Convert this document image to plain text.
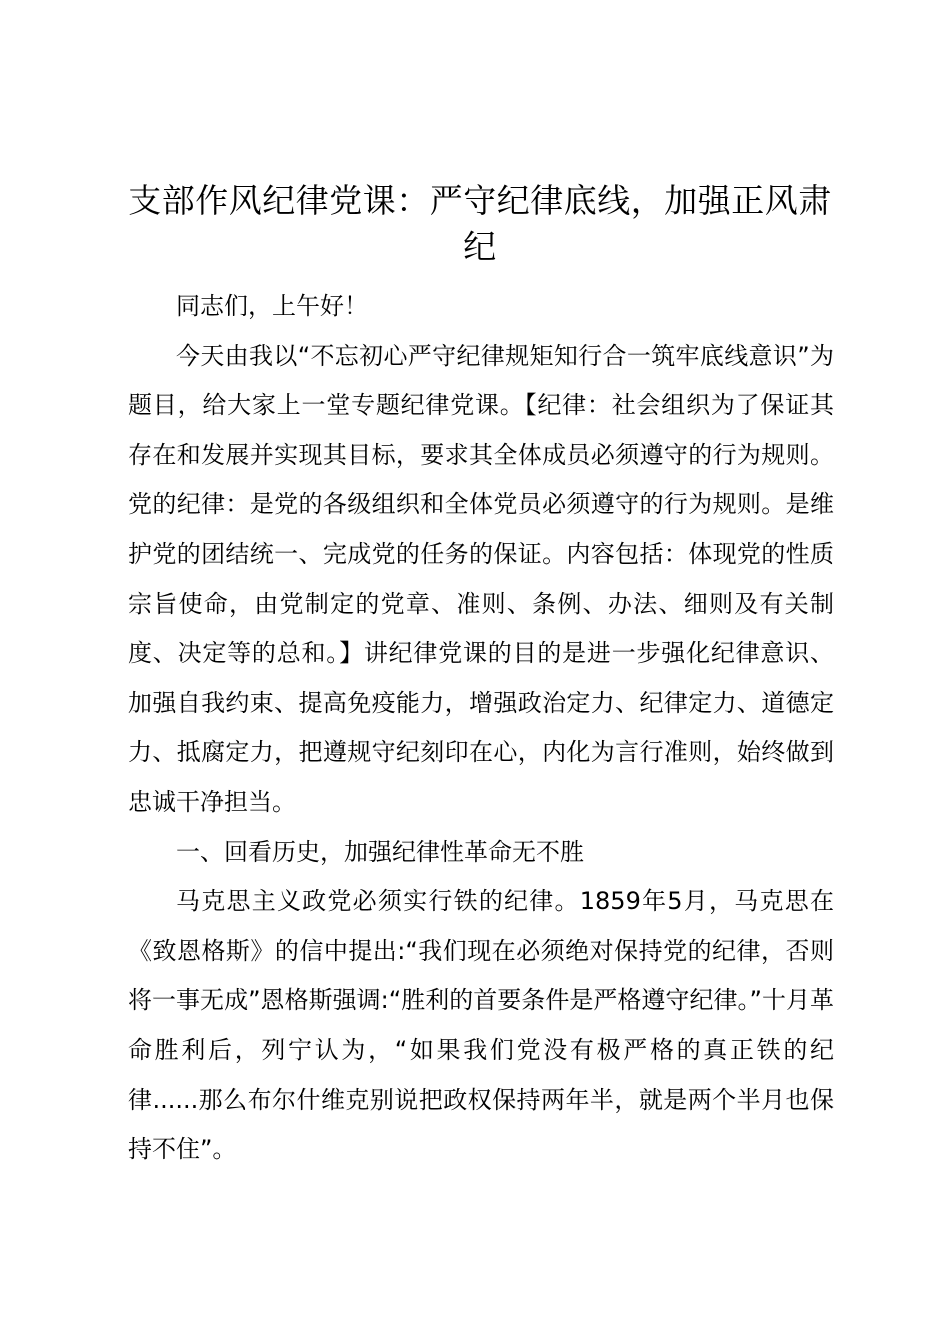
支部作风纪律党课：严守纪律底线，加强正风肃纪

同志们，上午好！

今天由我以“不忘初心严守纪律规矩知行合一筑牢底线意识”为题目，给大家上一堂专题纪律党课。【纪律：社会组织为了保证其存在和发展并实现其目标，要求其全体成员必须遵守的行为规则。党的纪律：是党的各级组织和全体党员必须遵守的行为规则。是维护党的团结统一、完成党的任务的保证。内容包括：体现党的性质宗旨使命，由党制定的党章、准则、条例、办法、细则及有关制度、决定等的总和。】讲纪律党课的目的是进一步强化纪律意识、加强自我约束、提高免疫能力，增强政治定力、纪律定力、道德定力、抵腐定力，把遵规守纪刻印在心，内化为言行准则，始终做到忠诚干净担当。

一、回看历史，加强纪律性革命无不胜

马克思主义政党必须实行铁的纪律。1859年5月，马克思在《致恩格斯》的信中提出:“我们现在必须绝对保持党的纪律，否则将一事无成”恩格斯强调:“胜利的首要条件是严格遵守纪律。”十月革命胜利后，列宁认为，“如果我们党没有极严格的真正铁的纪律......那么布尔什维克别说把政权保持两年半，就是两个半月也保持不住”。
